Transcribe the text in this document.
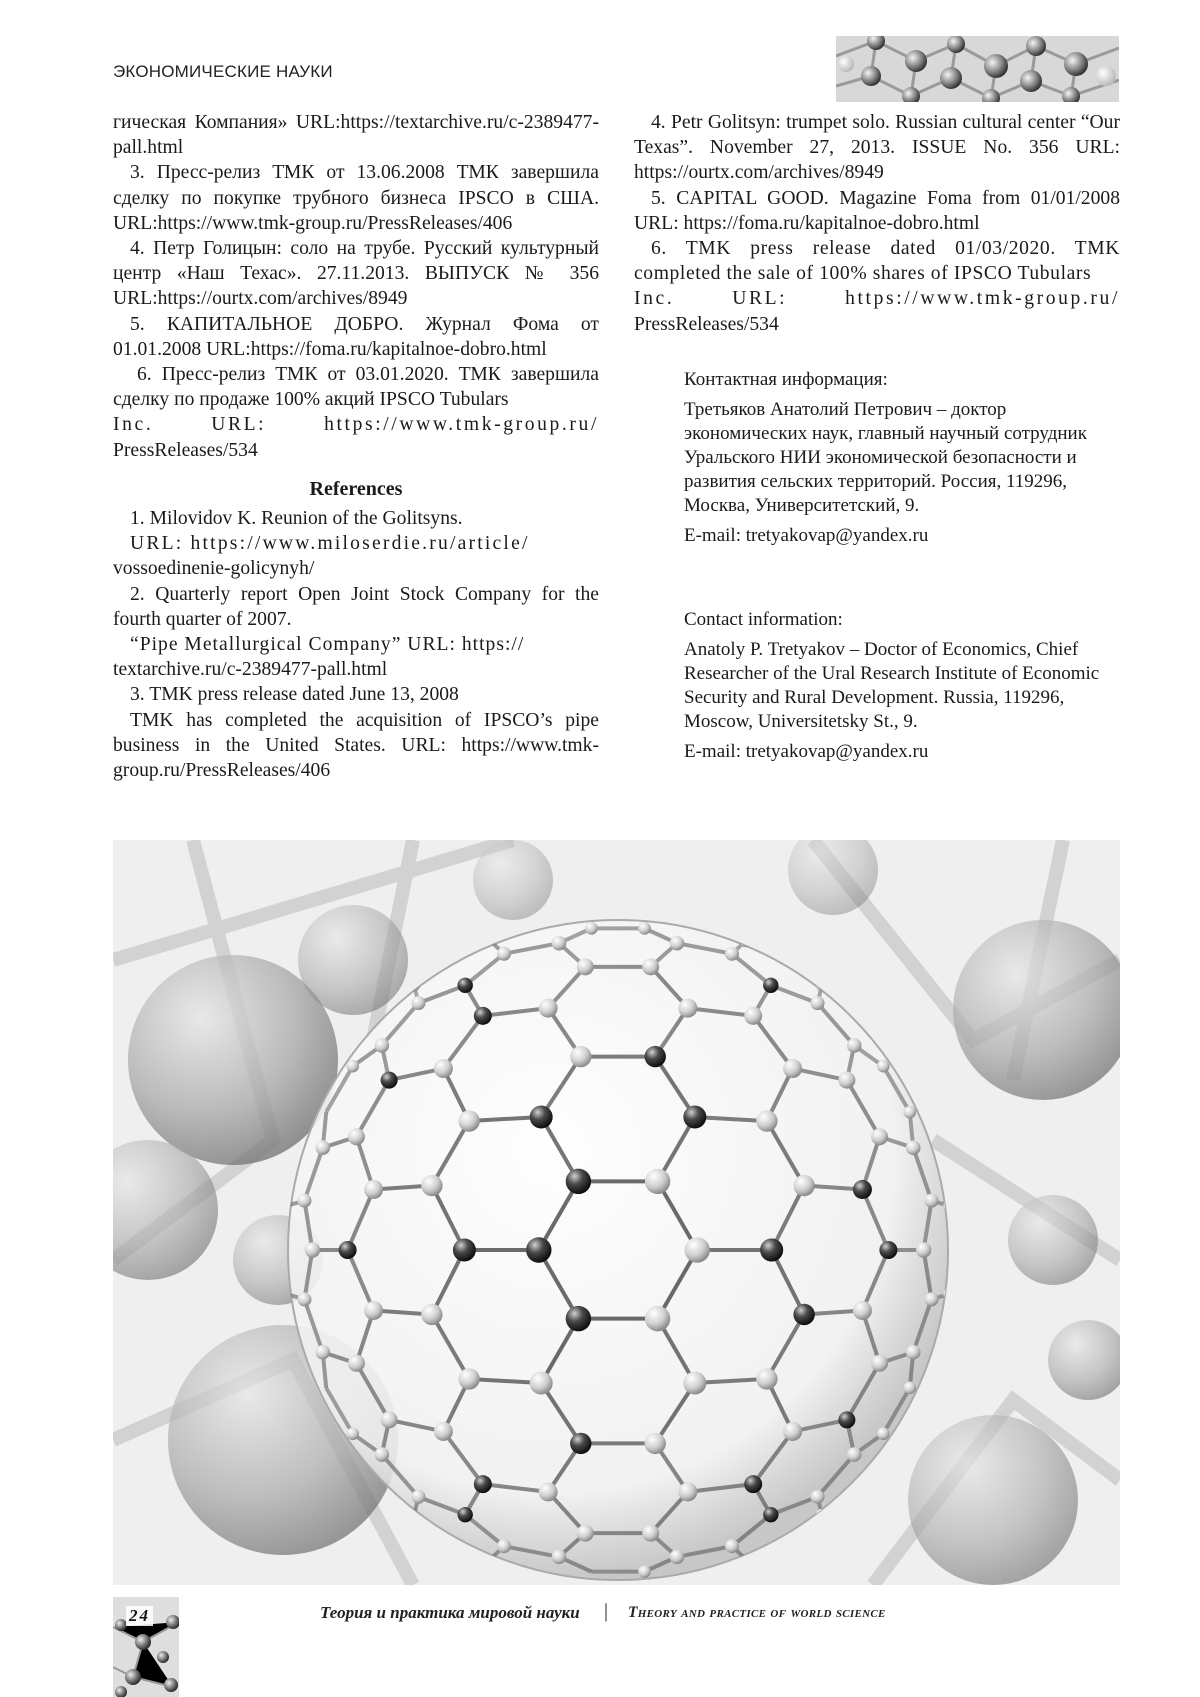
ЭКОНОМИЧЕСКИЕ НАУКИ

гическая Компания» URL:https://textarchive.ru/c-2389477-pall.html

3. Пресс-релиз ТМК от 13.06.2008 ТМК завершила сделку по покупке трубного бизнеса IPSCO в США. URL:https://www.tmk-group.ru/PressReleases/406

4. Петр Голицын: соло на трубе. Русский культурный центр «Наш Техас». 27.11.2013. ВЫПУСК № 356 URL:https://ourtx.com/archives/8949

5. КАПИТАЛЬНОЕ ДОБРО. Журнал Фома от 01.01.2008 URL:https://foma.ru/kapitalnoe-dobro.html

6. Пресс-релиз ТМК от 03.01.2020. ТМК завершила сделку по продаже 100% акций IPSCO Tubulars

Inc. URL: https://www.tmk-group.ru/

PressReleases/534

References

1. Milovidov K. Reunion of the Golitsyns.

URL: https://www.miloserdie.ru/article/

vossoedinenie-golicynyh/

2. Quarterly report Open Joint Stock Company for the fourth quarter of 2007.

“Pipe Metallurgical Company” URL: https://

textarchive.ru/c-2389477-pall.html

3. TMK press release dated June 13, 2008

TMK has completed the acquisition of IPSCO’s pipe business in the United States. URL: https://www.tmk-group.ru/PressReleases/406

4. Petr Golitsyn: trumpet solo. Russian cultural center “Our Texas”. November 27, 2013. ISSUE No. 356 URL: https://ourtx.com/archives/8949

5. CAPITAL GOOD. Magazine Foma from 01/01/2008 URL: https://foma.ru/kapitalnoe-dobro.html

6. TMK press release dated 01/03/2020. TMK completed the sale of 100% shares of IPSCO Tubulars

Inc. URL: https://www.tmk-group.ru/

PressReleases/534

Контактная информация:

Третьяков Анатолий Петрович – доктор экономических наук, главный научный сотрудник Уральского НИИ экономической безопасности и развития сельских территорий. Россия, 119296, Москва, Университетский, 9.

E-mail: tretyakovap@yandex.ru

Contact information:

Anatoly P. Tretyakov – Doctor of Economics, Chief Researcher of the Ural Research Institute of Economic Security and Rural Development. Russia, 119296, Moscow, Universitetsky St., 9.

E-mail: tretyakovap@yandex.ru

24	Теория и практика мировой науки | Theory and practice of world science
